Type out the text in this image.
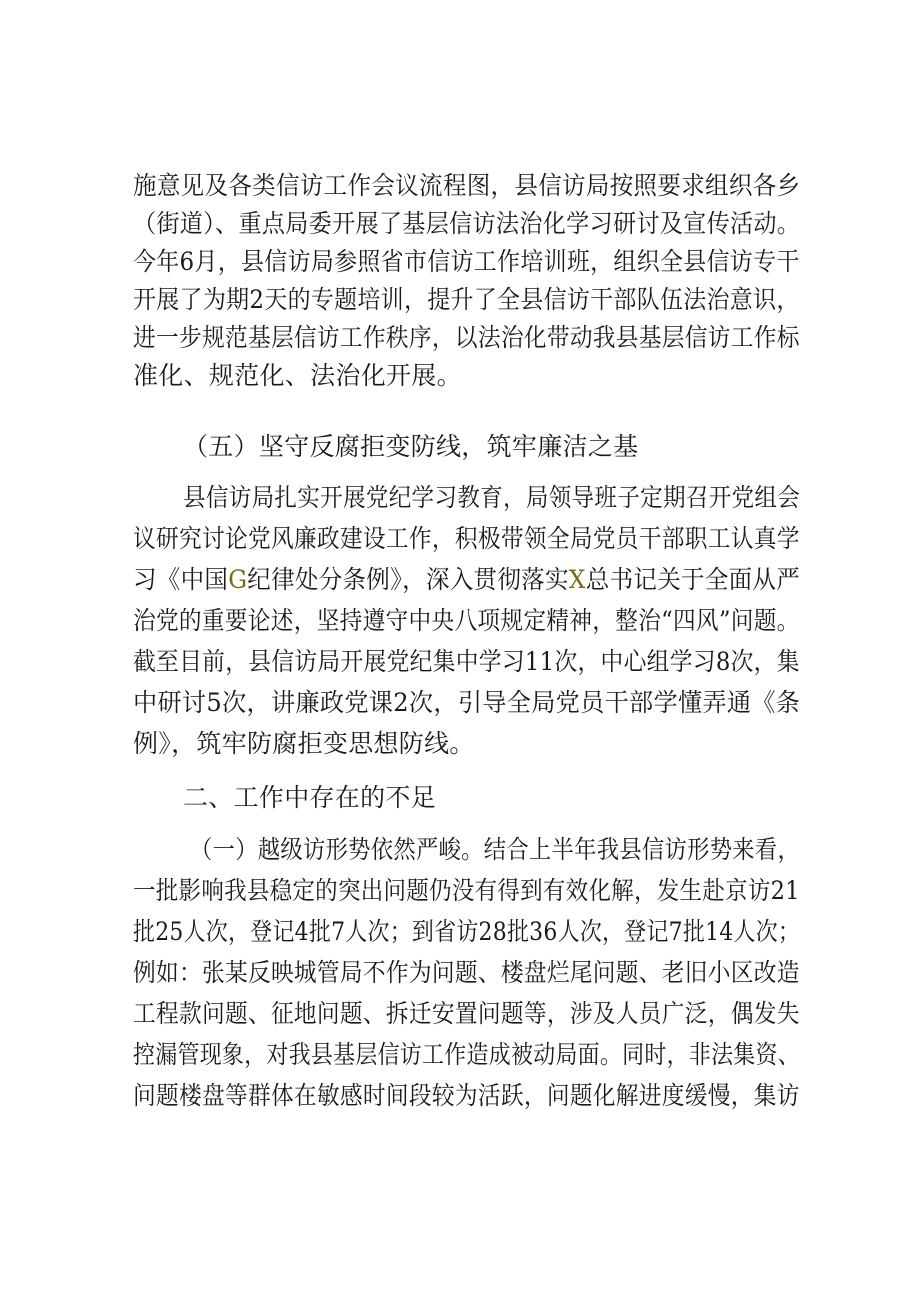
施意见及各类信访工作会议流程图，县信访局按照要求组织各乡
（街道）、重点局委开展了基层信访法治化学习研讨及宣传活动。
今年6月，县信访局参照省市信访工作培训班，组织全县信访专干
开展了为期2天的专题培训，提升了全县信访干部队伍法治意识，
进一步规范基层信访工作秩序，以法治化带动我县基层信访工作标
准化、规范化、法治化开展。
（五）坚守反腐拒变防线，筑牢廉洁之基
县信访局扎实开展党纪学习教育，局领导班子定期召开党组会
议研究讨论党风廉政建设工作，积极带领全局党员干部职工认真学
习《中国G纪律处分条例》，深入贯彻落实X总书记关于全面从严
治党的重要论述，坚持遵守中央八项规定精神，整治“四风”问题。
截至目前，县信访局开展党纪集中学习11次，中心组学习8次，集
中研讨5次，讲廉政党课2次，引导全局党员干部学懂弄通《条
例》，筑牢防腐拒变思想防线。
二、工作中存在的不足
（一）越级访形势依然严峻。结合上半年我县信访形势来看，
一批影响我县稳定的突出问题仍没有得到有效化解，发生赴京访21
批25人次，登记4批7人次；到省访28批36人次，登记7批14人次；
例如：张某反映城管局不作为问题、楼盘烂尾问题、老旧小区改造
工程款问题、征地问题、拆迁安置问题等，涉及人员广泛，偶发失
控漏管现象，对我县基层信访工作造成被动局面。同时，非法集资、
问题楼盘等群体在敏感时间段较为活跃，问题化解进度缓慢，集访
